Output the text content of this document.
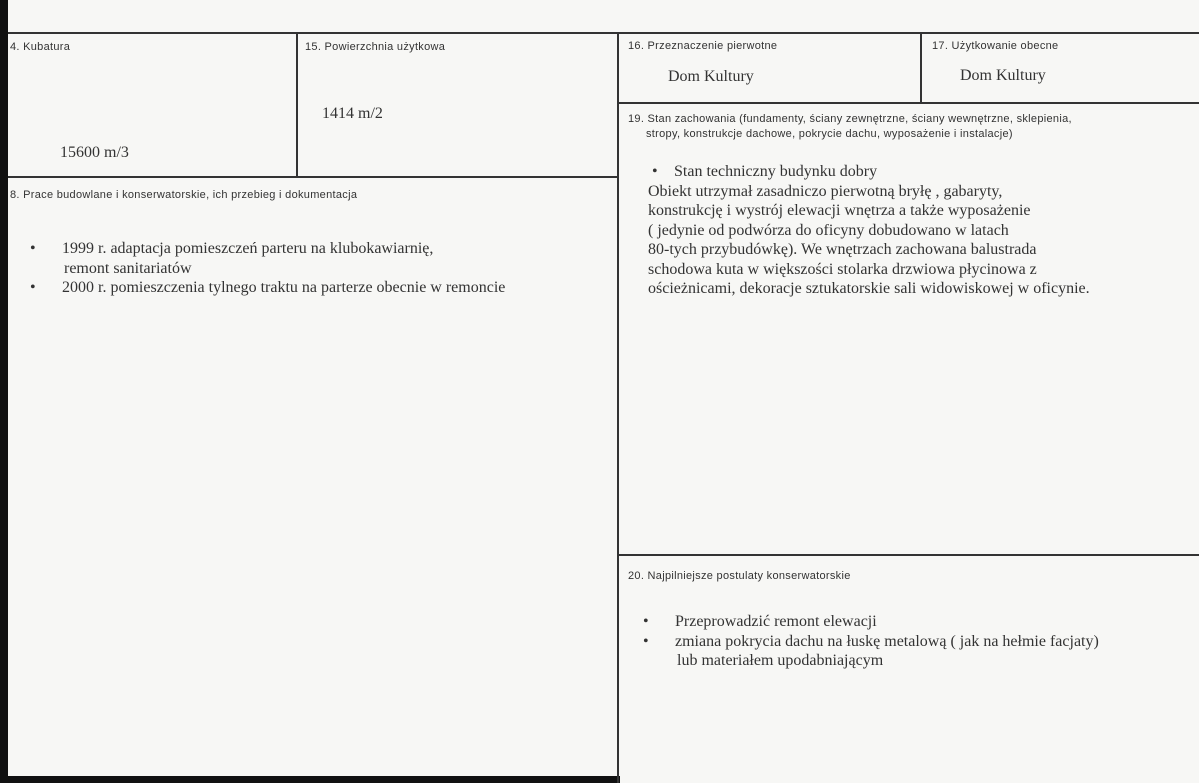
4. Kubatura
15600 m/3
15. Powierzchnia użytkowa
1414 m/2
16. Przeznaczenie pierwotne
Dom Kultury
17. Użytkowanie obecne
Dom Kultury
8. Prace budowlane i konserwatorskie, ich przebieg i dokumentacja
• 1999 r. adaptacja pomieszczeń parteru na klubokawiarnię,
remont sanitariatów
• 2000 r. pomieszczenia tylnego traktu na parterze obecnie w remoncie
19. Stan zachowania (fundamenty, ściany zewnętrzne, ściany wewnętrzne, sklepienia,
stropy, konstrukcje dachowe, pokrycie dachu, wyposażenie i instalacje)
• Stan techniczny budynku dobry
Obiekt utrzymał zasadniczo pierwotną bryłę , gabaryty,
konstrukcję i wystrój elewacji wnętrza a także wyposażenie
( jedynie od podwórza do oficyny dobudowano w latach
80-tych przybudówkę). We wnętrzach zachowana balustrada
schodowa kuta w większości stolarka drzwiowa płycinowa z
ościeżnicami, dekoracje sztukatorskie sali widowiskowej w oficynie.
20. Najpilniejsze postulaty konserwatorskie
• Przeprowadzić remont elewacji
• zmiana pokrycia dachu na łuskę metalową ( jak na hełmie facjaty)
lub materiałem upodabniającym
